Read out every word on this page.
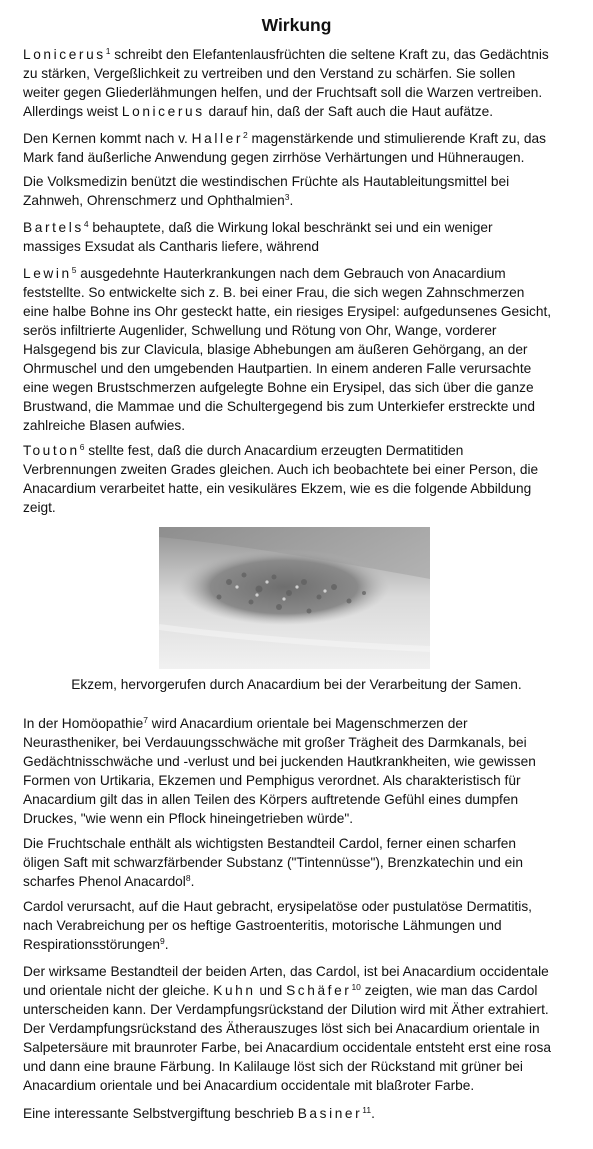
Wirkung
Lonicerus$^1$ schreibt den Elefantenlausfrüchten die seltene Kraft zu, das Gedächtnis
zu stärken, Vergeßlichkeit zu vertreiben und den Verstand zu schärfen. Sie sollen
weiter gegen Gliederlähmungen helfen, und der Fruchtsaft soll die Warzen vertreiben.
Allerdings weist Lonicerus darauf hin, daß der Saft auch die Haut aufätze.
Den Kernen kommt nach v. Haller$^2$ magenstärkende und stimulierende Kraft zu, das
Mark fand äußerliche Anwendung gegen zirrhöse Verhärtungen und Hühneraugen.
Die Volksmedizin benützt die westindischen Früchte als Hautableitungsmittel bei
Zahnweh, Ohrenschmerz und Ophthalmien$^3$.
Bartels$^4$ behauptete, daß die Wirkung lokal beschränkt sei und ein weniger
massiges Exsudat als Cantharis liefere, während
Lewin$^5$ ausgedehnte Hauterkrankungen nach dem Gebrauch von Anacardium
feststellte. So entwickelte sich z. B. bei einer Frau, die sich wegen Zahnschmerzen
eine halbe Bohne ins Ohr gesteckt hatte, ein riesiges Erysipel: aufgedunsenes Gesicht,
serös infiltrierte Augenlider, Schwellung und Rötung von Ohr, Wange, vorderer
Halsgegend bis zur Clavicula, blasige Abhebungen am äußeren Gehörgang, an der
Ohrmuschel und den umgebenden Hautpartien. In einem anderen Falle verursachte
eine wegen Brustschmerzen aufgelegte Bohne ein Erysipel, das sich über die ganze
Brustwand, die Mammae und die Schultergegend bis zum Unterkiefer erstreckte und
zahlreiche Blasen aufwies.
Touton$^6$ stellte fest, daß die durch Anacardium erzeugten Dermatitiden
Verbrennungen zweiten Grades gleichen. Auch ich beobachtete bei einer Person, die
Anacardium verarbeitet hatte, ein vesikuläres Ekzem, wie es die folgende Abbildung
zeigt.
In der Homöopathie$^7$ wird Anacardium orientale bei Magenschmerzen der
Neurastheniker, bei Verdauungsschwäche mit großer Trägheit des Darmkanals, bei
Gedächtnisschwäche und -verlust und bei juckenden Hautkrankheiten, wie gewissen
Formen von Urtikaria, Ekzemen und Pemphigus verordnet. Als charakteristisch für
Anacardium gilt das in allen Teilen des Körpers auftretende Gefühl eines dumpfen
Druckes, "wie wenn ein Pflock hineingetrieben würde".
Die Fruchtschale enthält als wichtigsten Bestandteil Cardol, ferner einen scharfen
öligen Saft mit schwarzfärbender Substanz ("Tintennüsse"), Brenzkatechin und ein
scharfes Phenol Anacardol$^8$.
Cardol verursacht, auf die Haut gebracht, erysipelatöse oder pustulatöse Dermatitis,
nach Verabreichung per os heftige Gastroenteritis, motorische Lähmungen und
Respirationsstörungen$^9$.
Der wirksame Bestandteil der beiden Arten, das Cardol, ist bei Anacardium occidentale
und orientale nicht der gleiche. Kuhn und Schäfer$^{10}$ zeigten, wie man das Cardol
unterscheiden kann. Der Verdampfungsrückstand der Dilution wird mit Äther extrahiert.
Der Verdampfungsrückstand des Ätherauszuges löst sich bei Anacardium orientale in
Salpetersäure mit braunroter Farbe, bei Anacardium occidentale entsteht erst eine rosa
und dann eine braune Färbung. In Kalilauge löst sich der Rückstand mit grüner bei
Anacardium orientale und bei Anacardium occidentale mit blaßroter Farbe.
Eine interessante Selbstvergiftung beschrieb Basiner$^{11}$.
Ekzem, hervorgerufen durch Anacardium bei der Verarbeitung der Samen.
